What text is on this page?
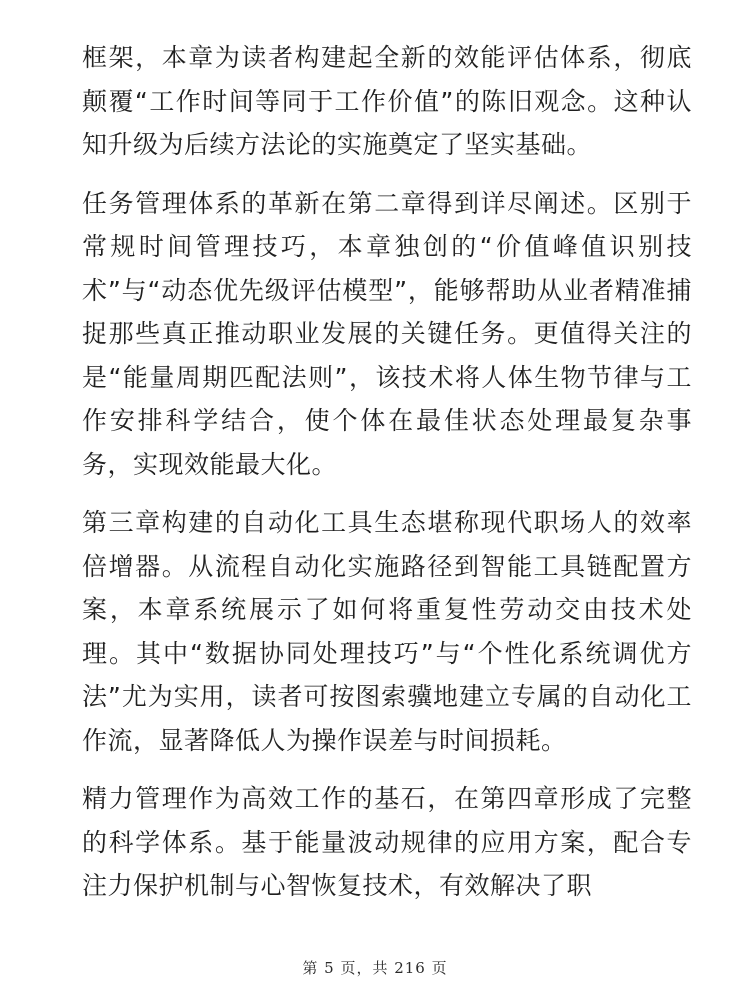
框架，本章为读者构建起全新的效能评估体系，彻底颠覆“工作时间等同于工作价值”的陈旧观念。这种认知升级为后续方法论的实施奠定了坚实基础。

任务管理体系的革新在第二章得到详尽阐述。区别于常规时间管理技巧，本章独创的“价值峰值识别技术”与“动态优先级评估模型”，能够帮助从业者精准捕捉那些真正推动职业发展的关键任务。更值得关注的是“能量周期匹配法则”，该技术将人体生物节律与工作安排科学结合，使个体在最佳状态处理最复杂事务，实现效能最大化。

第三章构建的自动化工具生态堪称现代职场人的效率倍增器。从流程自动化实施路径到智能工具链配置方案，本章系统展示了如何将重复性劳动交由技术处理。其中“数据协同处理技巧”与“个性化系统调优方法”尤为实用，读者可按图索骥地建立专属的自动化工作流，显著降低人为操作误差与时间损耗。

精力管理作为高效工作的基石，在第四章形成了完整的科学体系。基于能量波动规律的应用方案，配合专注力保护机制与心智恢复技术，有效解决了职

第 5 页，共 216 页
